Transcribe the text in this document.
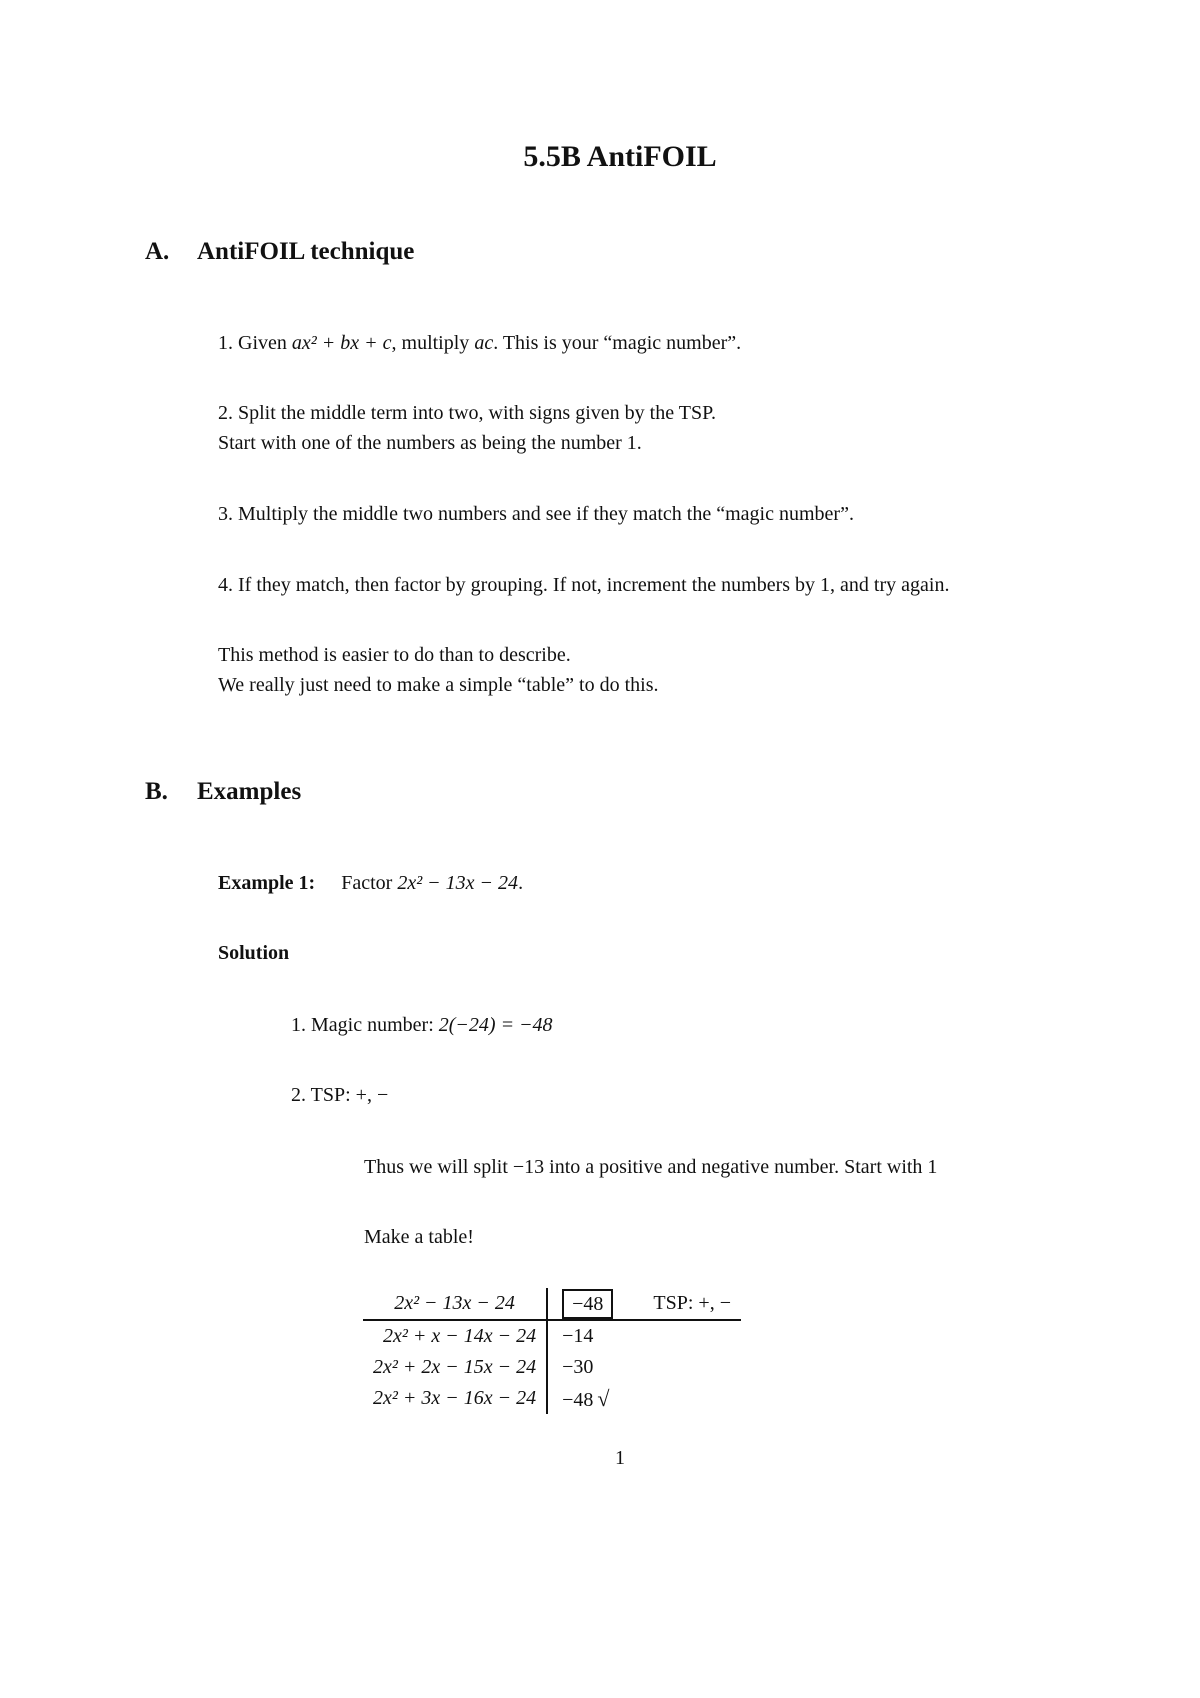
5.5B AntiFOIL
A. AntiFOIL technique
1. Given ax² + bx + c, multiply ac. This is your “magic number”.
2. Split the middle term into two, with signs given by the TSP.
Start with one of the numbers as being the number 1.
3. Multiply the middle two numbers and see if they match the “magic number”.
4. If they match, then factor by grouping. If not, increment the numbers by 1, and try again.
This method is easier to do than to describe.
We really just need to make a simple “table” to do this.
B. Examples
Example 1: Factor 2x² − 13x − 24.
Solution
1. Magic number: 2(−24) = −48
2. TSP: +, −
Thus we will split −13 into a positive and negative number. Start with 1
Make a table!
2x² − 13x − 24		−48	TSP: +, −
2x² + x − 14x − 24		−14	
2x² + 2x − 15x − 24		−30	
2x² + 3x − 16x − 24		−48 √	
1
